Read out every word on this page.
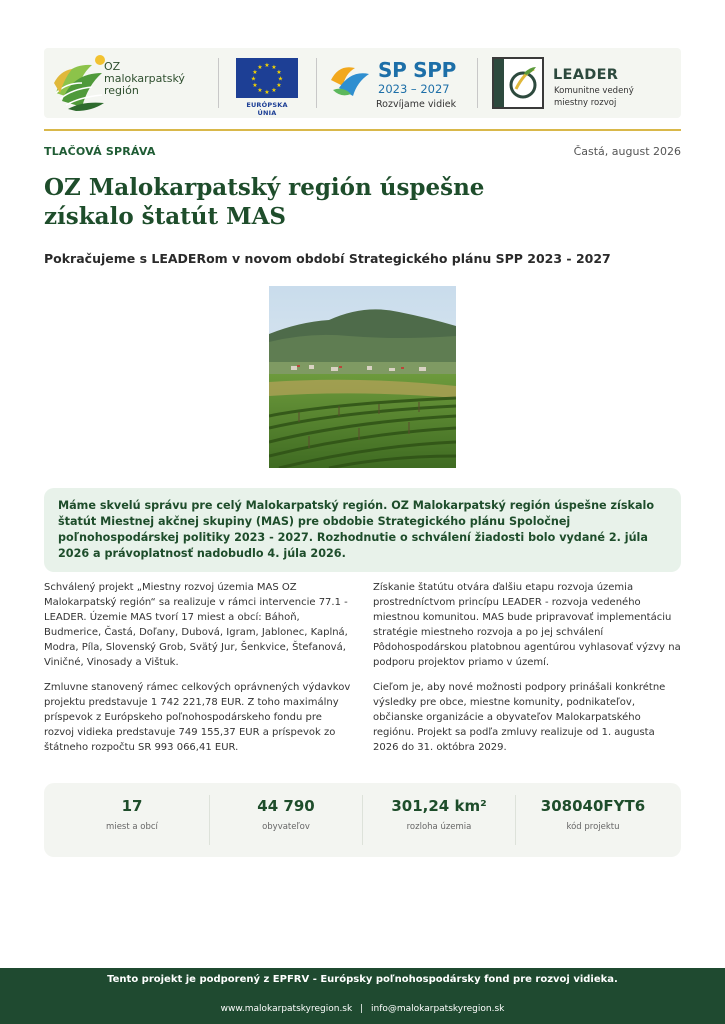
OZ
malokarpatský
región
★ ★
★
★
★
★
★
★
★
★
★
★
EURÓPSKA ÚNIA
SP SPP
2023 – 2027
Rozvíjame vidiek
LEADER
Komunitne vedený
miestny rozvoj
TLAČOVÁ SPRÁVA	Častá, august 2026
OZ Malokarpatský región úspešne
získalo štatút MAS
Pokračujeme s LEADERom v novom období Strategického plánu SPP 2023 - 2027

Máme skvelú správu pre celý Malokarpatský región. OZ Malokarpatský región úspešne získalo štatút Miestnej akčnej skupiny (MAS) pre obdobie Strategického plánu Spoločnej poľnohospodárskej politiky 2023 - 2027. Rozhodnutie o schválení žiadosti bolo vydané 2. júla 2026 a právoplatnosť nadobudlo 4. júla 2026.

Schválený projekt „Miestny rozvoj územia MAS OZ Malokarpatský región“ sa realizuje v rámci intervencie 77.1 - LEADER. Územie MAS tvorí 17 miest a obcí: Báhoň, Budmerice, Častá, Doľany, Dubová, Igram, Jablonec, Kaplná, Modra, Píla, Slovenský Grob, Svätý Jur, Šenkvice, Štefanová, Viničné, Vinosady a Vištuk.

Zmluvne stanovený rámec celkových oprávnených výdavkov projektu predstavuje 1 742 221,78 EUR. Z toho maximálny príspevok z Európskeho poľnohospodárskeho fondu pre rozvoj vidieka predstavuje 749 155,37 EUR a príspevok zo štátneho rozpočtu SR 993 066,41 EUR.

Získanie štatútu otvára ďalšiu etapu rozvoja územia prostredníctvom princípu LEADER - rozvoja vedeného miestnou komunitou. MAS bude pripravovať implementáciu stratégie miestneho rozvoja a po jej schválení Pôdohospodárskou platobnou agentúrou vyhlasovať výzvy na podporu projektov priamo v území.

Cieľom je, aby nové možnosti podpory prinášali konkrétne výsledky pre obce, miestne komunity, podnikateľov, občianske organizácie a obyvateľov Malokarpatského regiónu. Projekt sa podľa zmluvy realizuje od 1. augusta 2026 do 31. októbra 2029.

17
miest a obcí
44 790
obyvateľov
301,24 km²
rozloha územia
308040FYT6
kód projektu
Tento projekt je podporený z EPFRV - Európsky poľnohospodársky fond pre rozvoj vidieka.
www.malokarpatskyregion.sk | info@malokarpatskyregion.sk
